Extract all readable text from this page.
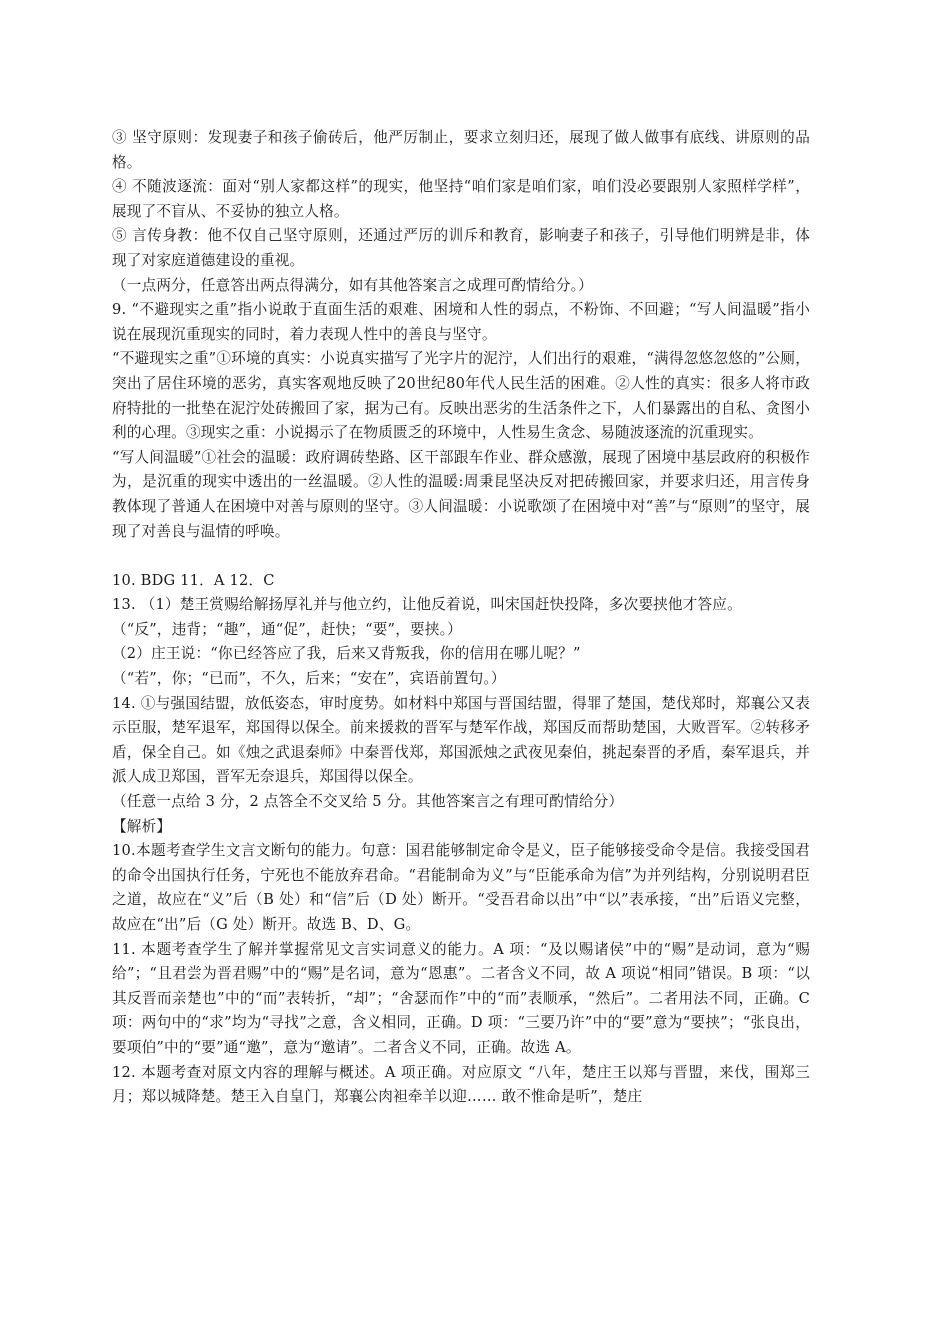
③ 坚守原则：发现妻子和孩子偷砖后，他严厉制止，要求立刻归还，展现了做人做事有底线、讲原则的品格。

④ 不随波逐流：面对“别人家都这样”的现实，他坚持“咱们家是咱们家，咱们没必要跟别人家照样学样”，展现了不盲从、不妥协的独立人格。

⑤ 言传身教：他不仅自己坚守原则，还通过严厉的训斥和教育，影响妻子和孩子，引导他们明辨是非，体现了对家庭道德建设的重视。

（一点两分，任意答出两点得满分，如有其他答案言之成理可酌情给分。）

9. “不避现实之重”指小说敢于直面生活的艰难、困境和人性的弱点，不粉饰、不回避；“写人间温暖”指小说在展现沉重现实的同时，着力表现人性中的善良与坚守。

“不避现实之重”①环境的真实：小说真实描写了光字片的泥泞，人们出行的艰难，“满得忽悠忽悠的”公厕，突出了居住环境的恶劣，真实客观地反映了20世纪80年代人民生活的困难。②人性的真实：很多人将市政府特批的一批垫在泥泞处砖搬回了家，据为己有。反映出恶劣的生活条件之下，人们暴露出的自私、贪图小利的心理。③现实之重：小说揭示了在物质匮乏的环境中，人性易生贪念、易随波逐流的沉重现实。

“写人间温暖”①社会的温暖：政府调砖垫路、区干部跟车作业、群众感激，展现了困境中基层政府的积极作为，是沉重的现实中透出的一丝温暖。②人性的温暖:周秉昆坚决反对把砖搬回家，并要求归还，用言传身教体现了普通人在困境中对善与原则的坚守。③人间温暖：小说歌颂了在困境中对“善”与“原则”的坚守，展现了对善良与温情的呼唤。

10. BDG 11．A 12．C

13. （1）楚王赏赐给解扬厚礼并与他立约，让他反着说，叫宋国赶快投降，多次要挟他才答应。

（“反”，违背；“趣”，通“促”，赶快；“要”，要挟。）

（2）庄王说：“你已经答应了我，后来又背叛我，你的信用在哪儿呢？”

（“若”，你；“已而”，不久，后来；“安在”，宾语前置句。）

14. ①与强国结盟，放低姿态，审时度势。如材料中郑国与晋国结盟，得罪了楚国，楚伐郑时，郑襄公又表示臣服，楚军退军，郑国得以保全。前来援救的晋军与楚军作战，郑国反而帮助楚国，大败晋军。②转移矛盾，保全自己。如《烛之武退秦师》中秦晋伐郑，郑国派烛之武夜见秦伯，挑起秦晋的矛盾，秦军退兵，并派人成卫郑国，晋军无奈退兵，郑国得以保全。

（任意一点给 3 分，2 点答全不交叉给 5 分。其他答案言之有理可酌情给分）

【解析】

10.本题考查学生文言文断句的能力。句意：国君能够制定命令是义，臣子能够接受命令是信。我接受国君的命令出国执行任务，宁死也不能放弃君命。“君能制命为义”与“臣能承命为信”为并列结构，分别说明君臣之道，故应在“义”后（B 处）和“信”后（D 处）断开。“受吾君命以出”中“以”表承接，“出”后语义完整，故应在“出”后（G 处）断开。故选 B、D、G。

11. 本题考查学生了解并掌握常见文言实词意义的能力。A 项：“及以赐诸侯”中的“赐”是动词，意为“赐给”；“且君尝为晋君赐”中的“赐”是名词，意为“恩惠”。二者含义不同，故 A 项说“相同”错误。B 项：“以其反晋而亲楚也”中的“而”表转折，“却”；“舍瑟而作”中的“而”表顺承，“然后”。二者用法不同，正确。C 项：两句中的“求”均为“寻找”之意，含义相同，正确。D 项：“三要乃许”中的“要”意为“要挟”；“张良出，要项伯”中的“要”通“邀”，意为“邀请”。二者含义不同，正确。故选 A。

12. 本题考查对原文内容的理解与概述。A 项正确。对应原文 “八年，楚庄王以郑与晋盟，来伐，围郑三月；郑以城降楚。楚王入自皇门，郑襄公肉袒牵羊以迎…… 敢不惟命是听”，楚庄
